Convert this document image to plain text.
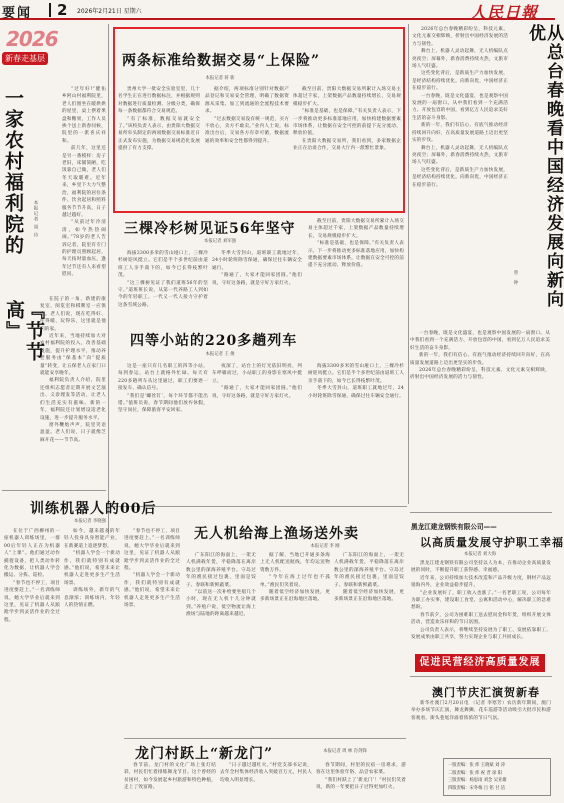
要闻 2 2026年2月21日 星期六	人民日報
2026
新春走基层
一家农村福利院的
『节节高』
本报记者 周 玲

“过年好!”健佑乡阿山村福利院里，老人们围坐在暖烘烘的屋里，桌上摆着果盘和糖果，工作人员挨个送上新春问候，院里的一派喜庆祥和。

前几年，这里还是另一番模样：房子老旧，床铺简陋，吃饭靠自己做，老人们冬天取暖难。近年来，乡里下大力气整治，福利院的居住条件、饮食起居和照料服务节节升高，日子越过越好。

“从前过年冷清清，如今热热闹闹。”78岁的老人告诉记者，院里有专门的护理员照顾起居，每天按时量血压，逢年过节还有人来看望慰问。

在院子的一角，新建的康复室、阅览室和棋牌室一应俱全。老人们说，现在吃得好、住得暖、玩得乐，这里就是他们的家。

近年来，当地持续加大对农村福利院的投入，改善基础设施，提升护理水平，推动养老服务由“保基本”向“提质量”转变，让五保老人在家门口就能安享晚年。

福利院负责人介绍，院里还组织志愿者定期开展文艺演出、义诊理发等活动，让老人们生活充实有滋味。新的一年，福利院还计划增设适老化设施，进一步提升服务水平。

窗外鞭炮声声，院里笑语盈盈。老人们说，日子就像芝麻开花——节节高。

两条标准给数据交易“上保险”
本报记者 蒋 新

贵州大学一批安全实验室里，几十名学生正在进行数据标注，并根据规则对数据进行质量检测、分级分类，确保每一条数据都符合交易规范。

“有了标准，数据交易就安全了。”该校负责人表示，由贵阳大数据交易所牵头制定的两项数据交易标准近日正式发布实施，为数据交易规范化发展提供了有力支撑。

据介绍，两项标准分别针对数据产品登记和交易安全管理，明确了数据资源从采集、加工到流通的全流程技术要求。

“过去数据交易没有统一规范，买方不放心，卖方不敢卖。”业内人士说，标准出台后，交易各方有章可循，数据流通的效率和安全性都得到提升。

截至目前，贵阳大数据交易所累计入场交易主体超过千家，上架数据产品数量持续增长，交易规模稳步扩大。

“标准是基础，也是保障。”有关负责人表示，下一步将推动更多标准落地应用，加快构建数据要素市场体系，让数据在安全可控的前提下充分流动、释放价值。

在贵阳大数据交易所，我们看到，多家数据企业正在洽谈合作，交易大厅内一派繁忙景象。

三棵冷杉树见证56年坚守
本报记者 刘军强

海拔3300多米的雪山垭口上，三棵冷杉树迎风挺立。它们是半个多世纪前由道班工人亲手栽下的，如今已长得枝繁叶茂。

“这三棵树见证了我们道班56年的坚守。”道班班长说，从第一代养路工人到如今的年轻职工，一代又一代人接力守护着这条雪域公路。

冬季大雪封山，道班职工就地过年，24小时轮班除雪保通，确保过往车辆安全通行。

“路通了，大家才能回家团圆。”他们说，守好这条路，就是守好万家灯火。

截至目前，贵阳大数据交易所累计入场交易主体超过千家，上架数据产品数量持续增长，交易规模稳步扩大。

“标准是基础，也是保障。”有关负责人表示，下一步将推动更多标准落地应用，加快构建数据要素市场体系，让数据在安全可控的前提下充分流动、释放价值。

四等小站的220多趟列车
本报记者 王 俊

这是一座只有几名职工的四等小站，每到春运，站台上就格外忙碌。每天有220多趟列车从这里通过，职工们要逐一接发车、确认信号。

“我们是‘螺丝钉’，每个环节都不能出错。”值班员说，春节期间他们放弃休假，坚守岗位，保障旅客平安回家。

夜深了，站台上的灯光依旧明亮，列车呼啸而过，小站职工的身影在寒风中挺立。

“路通了，大家才能回家团圆。”他们说，守好这条路，就是守好万家灯火。

海拔3300多米的雪山垭口上，三棵冷杉树迎风挺立。它们是半个多世纪前由道班工人亲手栽下的，如今已长得枝繁叶茂。

冬季大雪封山，道班职工就地过年，24小时轮班除雪保通，确保过往车辆安全通行。

训练机器人的00后
本报记者 李晓强

在位于广西柳州的一座机器人训练场里，一群00后年轻人正在为机器人“上课”。他们通过动作捕捉设备，把人类动作转化为数据，让机器人学会搬运、分拣、巡检。

“春节也不停工，项目进度要赶上。”一名训练师说，她大学毕业后就来到这里，见证了机器人从踉跄学步到灵活作业的全过程。

如今，越来越多的年轻人投身具身智能产业，在新赛道上追逐梦想。

“机器人学会一个新动作，我们就特别有成就感。”他们说，希望未来让机器人走进更多生产生活场景。

训练场外，新年的气息渐浓；训练场内，年轻人的热情正燃。

“春节也不停工，项目进度要赶上。”一名训练师说，她大学毕业后就来到这里，见证了机器人从踉跄学步到灵活作业的全过程。

“机器人学会一个新动作，我们就特别有成就感。”他们说，希望未来让机器人走进更多生产生活场景。

无人机给海上渔场送外卖
本报记者 李 刚

广东阳江的海面上，一架无人机满载年货，平稳降落在离岸数公里的深海养殖平台。守岛过年的渔民接过包裹，里面是饺子、春联和新鲜蔬菜。

“以前送一次补给要坐船几个小时，现在无人机十几分钟就到。”养殖户说，低空物流让海上渔场与陆地的距离越来越近。

据了解，当地已开通多条海上无人机配送航线，年均运送物资数万件。

“今年在海上过年也不孤单。”渔民们笑着说。

随着低空经济加快发展，更多新场景正在沿海地区落地。

广东阳江的海面上，一架无人机满载年货，平稳降落在离岸数公里的深海养殖平台。守岛过年的渔民接过包裹，里面是饺子、春联和新鲜蔬菜。

随着低空经济加快发展，更多新场景正在沿海地区落地。

龙门村跃上“新龙门”	本报记者 周 林 肖剑锋

春节前，龙门村的文化广场上张灯结彩，村民们忙着排练舞龙节目。这个曾经的贫困村，如今发展起乡村旅游和特色种植，走上了致富路。

“日子越过越红火。”村党支部书记说，去年全村集体经济收入突破百万元，村民人均收入明显增长。

春节期间，村里的民宿一房难求，游客在这里体验年俗、品尝农家菜。

“我们村跃上了‘新龙门’！”村民们笑着说，新的一年要把日子过得更加红火。

从总台春晚看中国经济发展向新向优
曾 钟

2026年总台春晚精彩纷呈，科技元素、文化元素交相辉映，折射出中国经济发展的活力与韧性。

舞台上，机器人灵动起舞，无人机编队点亮夜空；屏幕外，新春消费持续火热，文旅市场人气旺盛。

这些变化背后，是新质生产力加快发展，是经济结构持续优化。向新向优，中国经济正在稳步前行。

一台春晚，既是文化盛宴，也是观察中国发展的一扇窗口。从中我们看到一个充满活力、开放包容的中国，看到亿万人民追求美好生活的奋斗身影。

新的一年，我们有信心、有底气推动经济持续回升向好，在高质量发展道路上迈出更坚实的步伐。

舞台上，机器人灵动起舞，无人机编队点亮夜空；屏幕外，新春消费持续火热，文旅市场人气旺盛。

这些变化背后，是新质生产力加快发展，是经济结构持续优化。向新向优，中国经济正在稳步前行。

一台春晚，既是文化盛宴，也是观察中国发展的一扇窗口。从中我们看到一个充满活力、开放包容的中国，看到亿万人民追求美好生活的奋斗身影。

新的一年，我们有信心、有底气推动经济持续回升向好，在高质量发展道路上迈出更坚实的步伐。

2026年总台春晚精彩纷呈，科技元素、文化元素交相辉映，折射出中国经济发展的活力与韧性。

黑龙江建龙钢铁有限公司——
以高质量发展守护职工幸福
本报记者 刘大海

黑龙江建龙钢铁有限公司坚持以人为本，在推动企业高质量发展的同时，不断提升职工获得感、幸福感。

近年来，公司持续加大技术改造和产品升级力度，钢材产品远销海内外，企业效益稳步提升。

“企业发展好了，职工收入也涨了。”一名老职工说，公司每年为职工办实事，建设职工食堂、公寓和活动中心，解决职工的急难愁盼。

春节前夕，公司为困难职工送去慰问金和年货，组织开展文体活动，营造欢乐祥和的节日氛围。

公司负责人表示，将继续坚持发展为了职工、发展依靠职工、发展成果由职工共享，努力实现企业与职工共同成长。

促进民营经济高质量发展
澳门节庆汇演贺新春

新华社澳门2月20日电 （记者 李寒芳）农历新年期间，澳门举办多场节庆汇演，舞龙舞狮、花车巡游等活动吸引大批市民和游客观看，街头巷尾洋溢着浓浓的节日气氛。

一版责编：张 炜 王晓斌 刘 涛
二版责编：张 炜 祝 晋 徐 阳
三版责编：杨思雨 刘念 吴亚雄
四版责编：宋冬梅 吕 铭 甘 洁
